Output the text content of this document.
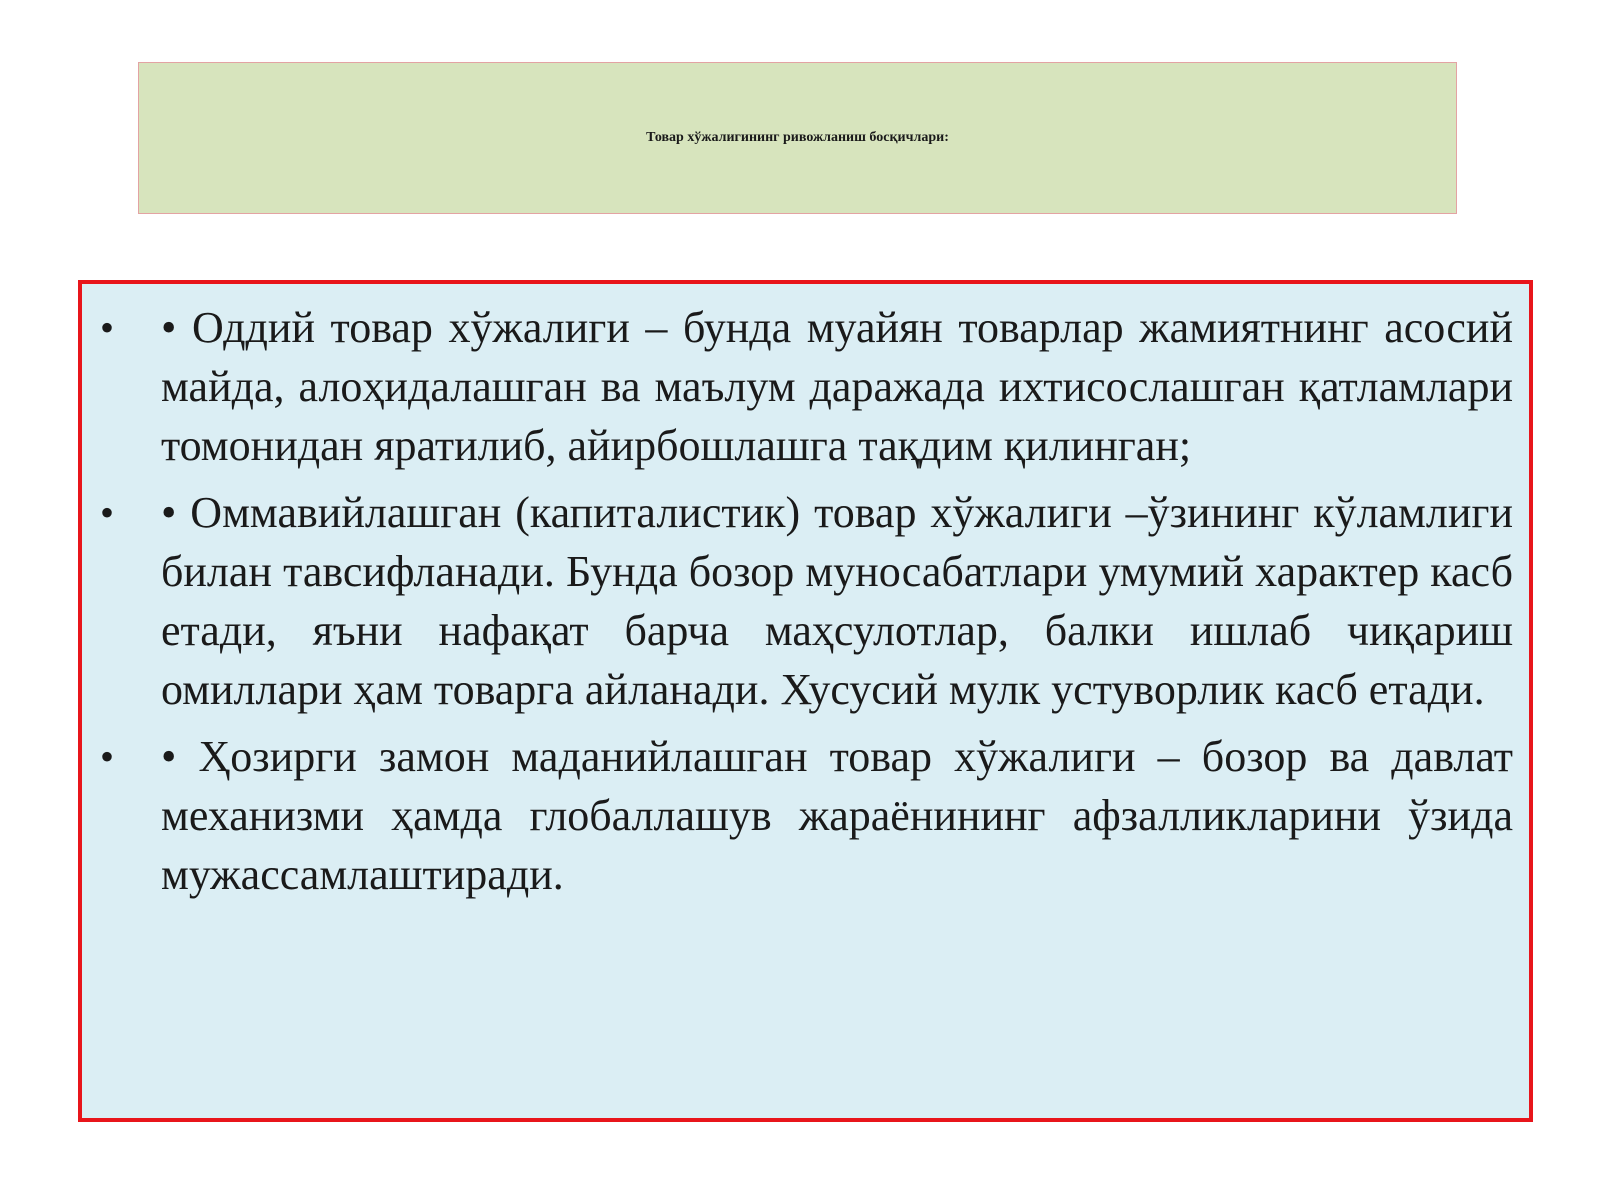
Товар хўжалигининг ривожланиш босқичлари:

• • Оддий товар хўжалиги – бунда муайян товарлар жамиятнинг асосий майда, алоҳидалашган ва маълум даражада ихтисослашган қатламлари томонидан яратилиб, айирбошлашга тақдим қилинган;
• • Оммавийлашган (капиталистик) товар хўжалиги –ўзининг кўламлиги билан тавсифланади. Бунда бозор муносабатлари умумий характер касб етади, яъни нафақат барча маҳсулотлар, балки ишлаб чиқариш омиллари ҳам товарга айланади. Хусусий мулк устуворлик касб етади.
• • Ҳозирги замон маданийлашган товар хўжалиги – бозор ва давлат механизми ҳамда глобаллашув жараёнининг афзалликларини ўзида мужассамлаштиради.
